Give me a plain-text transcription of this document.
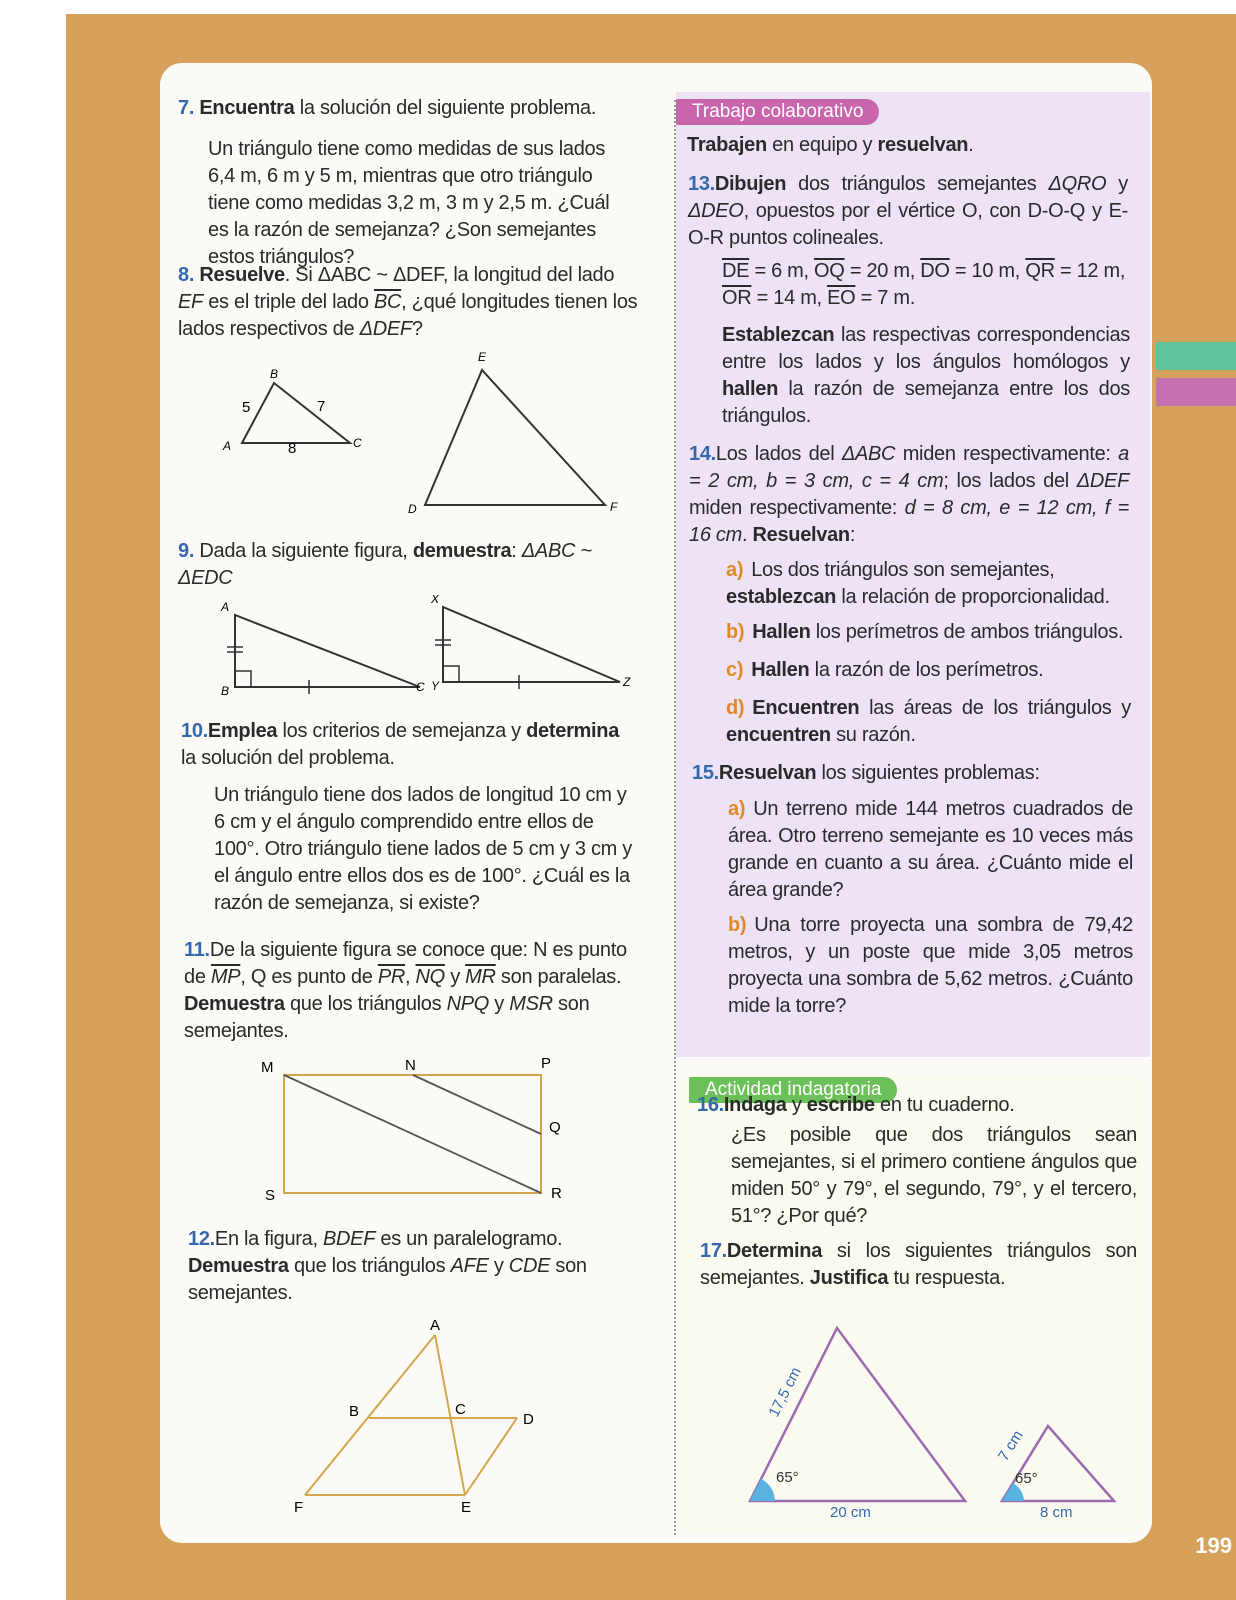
199
7. Encuentra la solución del siguiente problema.
Un triángulo tiene como medidas de sus lados 6,4 m, 6 m y 5 m, mientras que otro triángulo tiene como medidas 3,2 m, 3 m y 2,5 m. ¿Cuál es la razón de semejanza? ¿Son semejantes estos triángulos?
8. Resuelve. Si ΔABC ~ ΔDEF, la longitud del lado EF es el triple del lado $\overline{BC}$, ¿qué longitudes tienen los lados respectivos de ΔDEF?
B
A	C
5	7
8
E
D	F
9. Dada la siguiente figura, demuestra: ΔABC ~ ΔEDC
A
B	C
X
Y	Z
10.Emplea los criterios de semejanza y determina la solución del problema.
Un triángulo tiene dos lados de longitud 10 cm y 6 cm y el ángulo comprendido entre ellos de 100°. Otro triángulo tiene lados de 5 cm y 3 cm y el ángulo entre ellos dos es de 100°. ¿Cuál es la razón de semejanza, si existe?
11.De la siguiente figura se conoce que: N es punto de $\overline{MP}$, Q es punto de $\overline{PR}$, $\overline{NQ}$ y $\overline{MR}$ son paralelas. Demuestra que los triángulos NPQ y MSR son semejantes.
M	N	P
Q
S	R
12.En la figura, BDEF es un paralelogramo. Demuestra que los triángulos AFE y CDE son semejantes.
A
B	C
D
F	E
Trabajo colaborativo
Trabajen en equipo y resuelvan.
13.Dibujen dos triángulos semejantes ΔQRO y ΔDEO, opuestos por el vértice O, con D-O-Q y E-O-R puntos colineales.
$\overline{DE} = 6$ m, $\overline{OQ} = 20$ m, $\overline{DO} = 10$ m, $\overline{QR} = 12$ m, $\overline{OR} = 14$ m, $\overline{EO} = 7$ m.
Establezcan las respectivas correspondencias entre los lados y los ángulos homólogos y hallen la razón de semejanza entre los dos triángulos.
14.Los lados del ΔABC miden respectivamente: a = 2 cm, b = 3 cm, c = 4 cm; los lados del ΔDEF miden respectivamente: d = 8 cm, e = 12 cm, f = 16 cm. Resuelvan:
a) Los dos triángulos son semejantes, establezcan la relación de proporcionalidad.
b) Hallen los perímetros de ambos triángulos.
c) Hallen la razón de los perímetros.
d) Encuentren las áreas de los triángulos y encuentren su razón.
15.Resuelvan los siguientes problemas:
a) Un terreno mide 144 metros cuadrados de área. Otro terreno semejante es 10 veces más grande en cuanto a su área. ¿Cuánto mide el área grande?
b) Una torre proyecta una sombra de 79,42 metros, y un poste que mide 3,05 metros proyecta una sombra de 5,62 metros. ¿Cuánto mide la torre?
Actividad indagatoria
16.Indaga y escribe en tu cuaderno.
¿Es posible que dos triángulos sean semejantes, si el primero contiene ángulos que miden 50° y 79°, el segundo, 79°, y el tercero, 51°? ¿Por qué?
17.Determina si los siguientes triángulos son semejantes. Justifica tu respuesta.
65°
20 cm
17,5 cm
65°
8 cm
7 cm
